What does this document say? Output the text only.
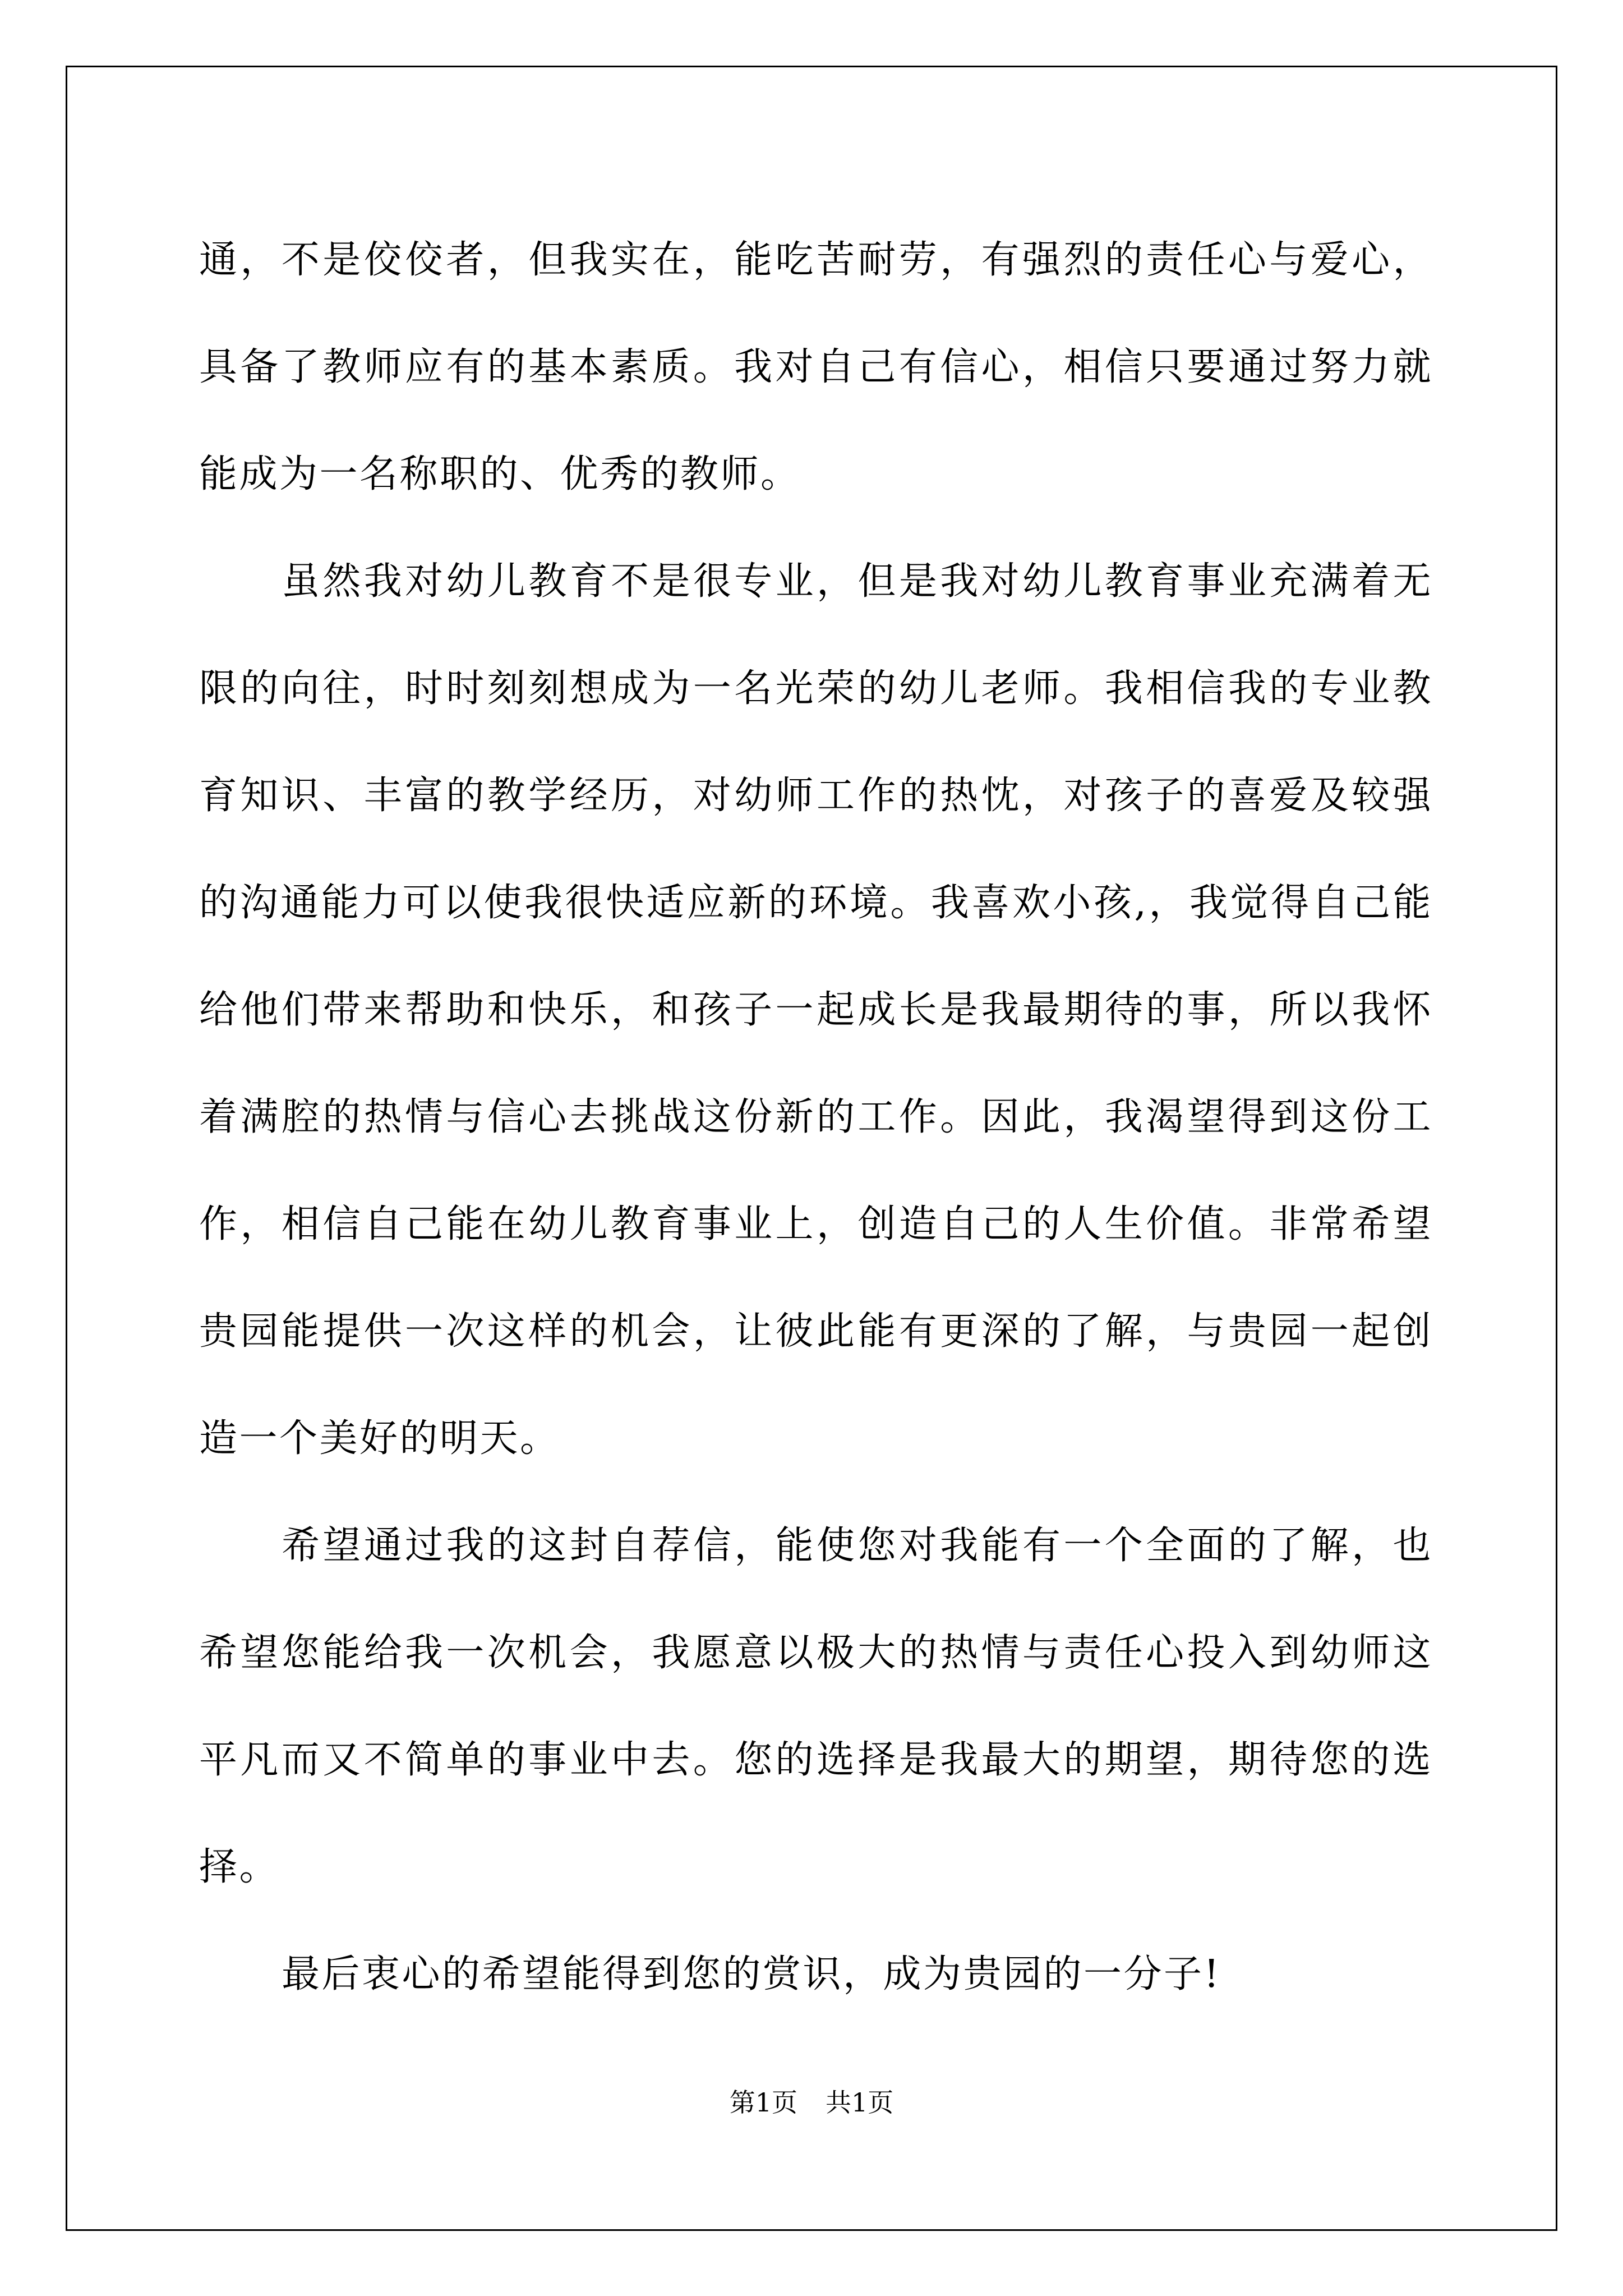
通，不是佼佼者，但我实在，能吃苦耐劳，有强烈的责任心与爱心，具备了教师应有的基本素质。我对自己有信心，相信只要通过努力就能成为一名称职的、优秀的教师。

虽然我对幼儿教育不是很专业，但是我对幼儿教育事业充满着无限的向往，时时刻刻想成为一名光荣的幼儿老师。我相信我的专业教育知识、丰富的教学经历，对幼师工作的热忱，对孩子的喜爱及较强的沟通能力可以使我很快适应新的环境。我喜欢小孩,，我觉得自己能给他们带来帮助和快乐，和孩子一起成长是我最期待的事，所以我怀着满腔的热情与信心去挑战这份新的工作。因此，我渴望得到这份工作，相信自己能在幼儿教育事业上，创造自己的人生价值。非常希望贵园能提供一次这样的机会，让彼此能有更深的了解，与贵园一起创造一个美好的明天。

希望通过我的这封自荐信，能使您对我能有一个全面的了解，也希望您能给我一次机会，我愿意以极大的热情与责任心投入到幼师这平凡而又不简单的事业中去。您的选择是我最大的期望，期待您的选择。

最后衷心的希望能得到您的赏识，成为贵园的一分子!

第1页 共1页
